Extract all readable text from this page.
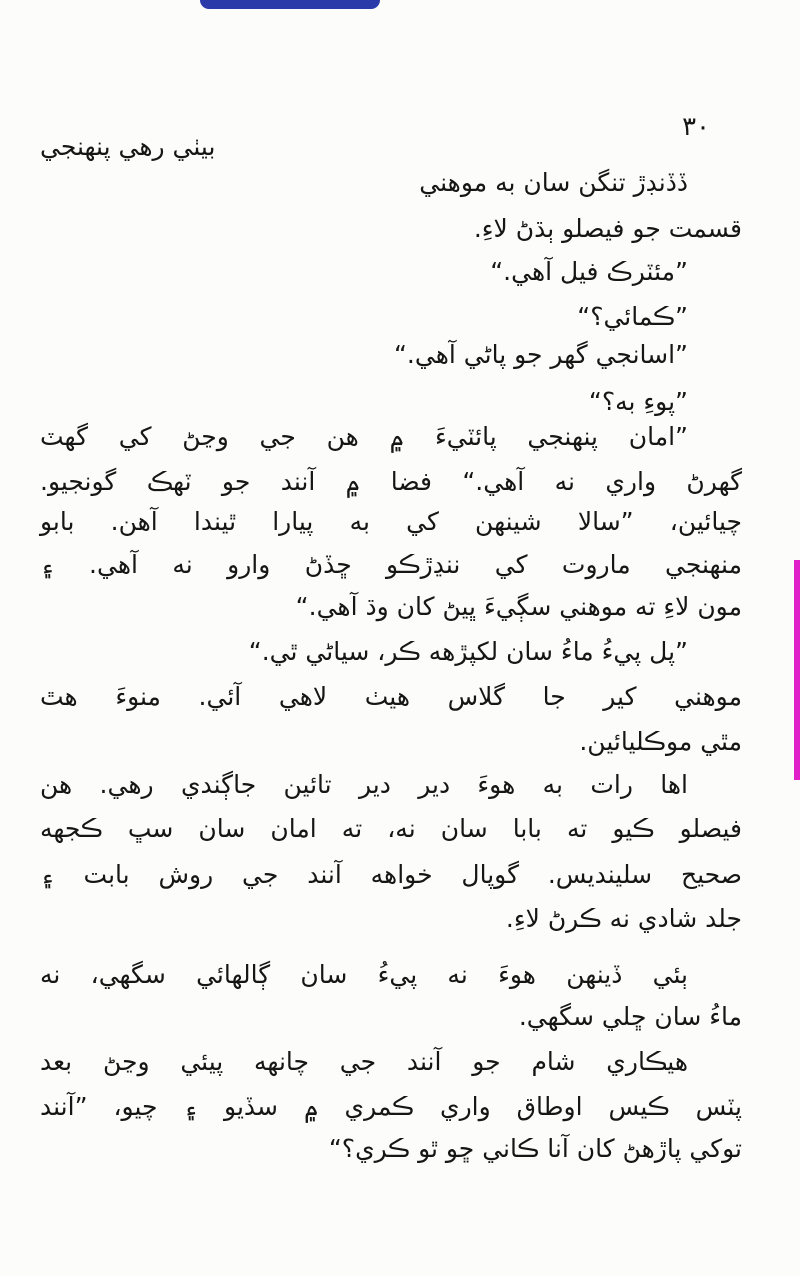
٣٠
بيٺي رهي پنهنجي
ڏڏنڊڙ تنگن سان به موهني
قسمت جو فيصلو ٻڌڻ لاءِ.
”مئٽرڪ فيل آهي.“
”ڪمائي؟“
”اسانجي گهر جو پاڻي آهي.“
”پوءِ به؟“
”امان پنهنجي پائٽيءَ ۾ هن جي وڃڻ کي گهٽ
گهرڻ واري نه آهي.“ فضا ۾ آنند جو ٽهڪ گونجيو.
چيائين، ”سالا شينهن کي به پيارا ٿيندا آهن. بابو
منهنجي ماروت کي ننڍڙڪو ڇڏڻ وارو نه آهي. ۽
مون لاءِ ته موهني سڳيءَ ڀيڻ کان وڌ آهي.“
”پل پيءُ ماءُ سان لکپڙهه ڪر، سياڻي ٿي.“
موهني کير جا گلاس هيٺ لاهي آئي. منوءَ هٿ
مٿي موڪليائين.
اها رات به هوءَ دير دير تائين جاڳندي رهي. هن
فيصلو ڪيو ته بابا سان نه، ته امان سان سڀ ڪجهه
صحيح سلينديس. گوپال خواهه آنند جي روش بابت ۽
جلد شادي نه ڪرڻ لاءِ.
ٻئي ڏينهن هوءَ نه پيءُ سان ڳالهائي سگهي، نه
ماءُ سان ڇلي سگهي.
هيڪاري شام جو آنند جي چانهه پيئي وڃڻ بعد
پٽس ڪيس اوطاق واري ڪمري ۾ سڏيو ۽ چيو، ”آنند
توکي پاڙهڻ کان آنا ڪاني ڇو ٿو ڪري؟“
